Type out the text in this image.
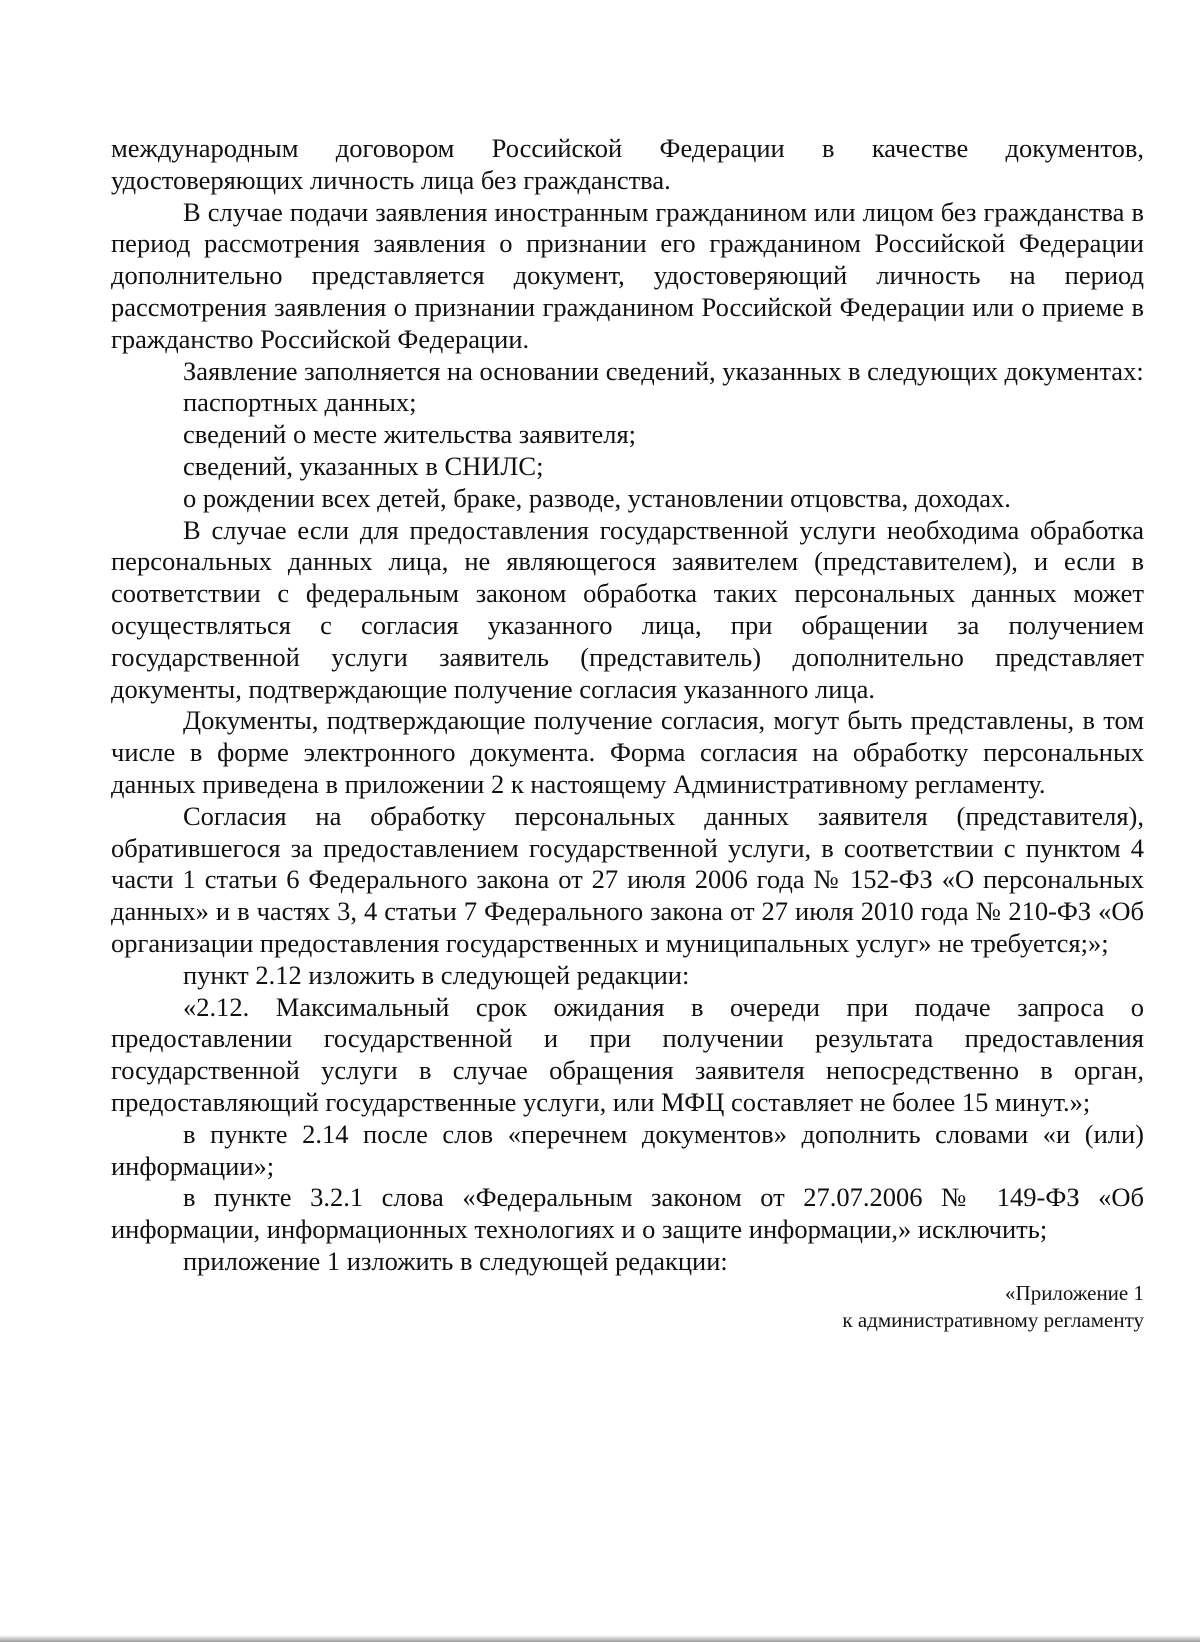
международным договором Российской Федерации в качестве документов, удостоверяющих личность лица без гражданства.

В случае подачи заявления иностранным гражданином или лицом без гражданства в период рассмотрения заявления о признании его гражданином Российской Федерации дополнительно представляется документ, удостоверяющий личность на период рассмотрения заявления о признании гражданином Российской Федерации или о приеме в гражданство Российской Федерации.

Заявление заполняется на основании сведений, указанных в следующих документах:

паспортных данных;

сведений о месте жительства заявителя;

сведений, указанных в СНИЛС;

о рождении всех детей, браке, разводе, установлении отцовства, доходах.

В случае если для предоставления государственной услуги необходима обработка персональных данных лица, не являющегося заявителем (представителем), и если в соответствии с федеральным законом обработка таких персональных данных может осуществляться с согласия указанного лица, при обращении за получением государственной услуги заявитель (представитель) дополнительно представляет документы, подтверждающие получение согласия указанного лица.

Документы, подтверждающие получение согласия, могут быть представлены, в том числе в форме электронного документа. Форма согласия на обработку персональных данных приведена в приложении 2 к настоящему Административному регламенту.

Согласия на обработку персональных данных заявителя (представителя), обратившегося за предоставлением государственной услуги, в соответствии с пунктом 4 части 1 статьи 6 Федерального закона от 27 июля 2006 года № 152-ФЗ «О персональных данных» и в частях 3, 4 статьи 7 Федерального закона от 27 июля 2010 года № 210-ФЗ «Об организации предоставления государственных и муниципальных услуг» не требуется;»;

пункт 2.12 изложить в следующей редакции:

«2.12. Максимальный срок ожидания в очереди при подаче запроса о предоставлении государственной и при получении результата предоставления государственной услуги в случае обращения заявителя непосредственно в орган, предоставляющий государственные услуги, или МФЦ составляет не более 15 минут.»;

в пункте 2.14 после слов «перечнем документов» дополнить словами «и (или) информации»;

в пункте 3.2.1 слова «Федеральным законом от 27.07.2006 № 149-ФЗ «Об информации, информационных технологиях и о защите информации,» исключить;

приложение 1 изложить в следующей редакции:

«Приложение 1
к административному регламенту
